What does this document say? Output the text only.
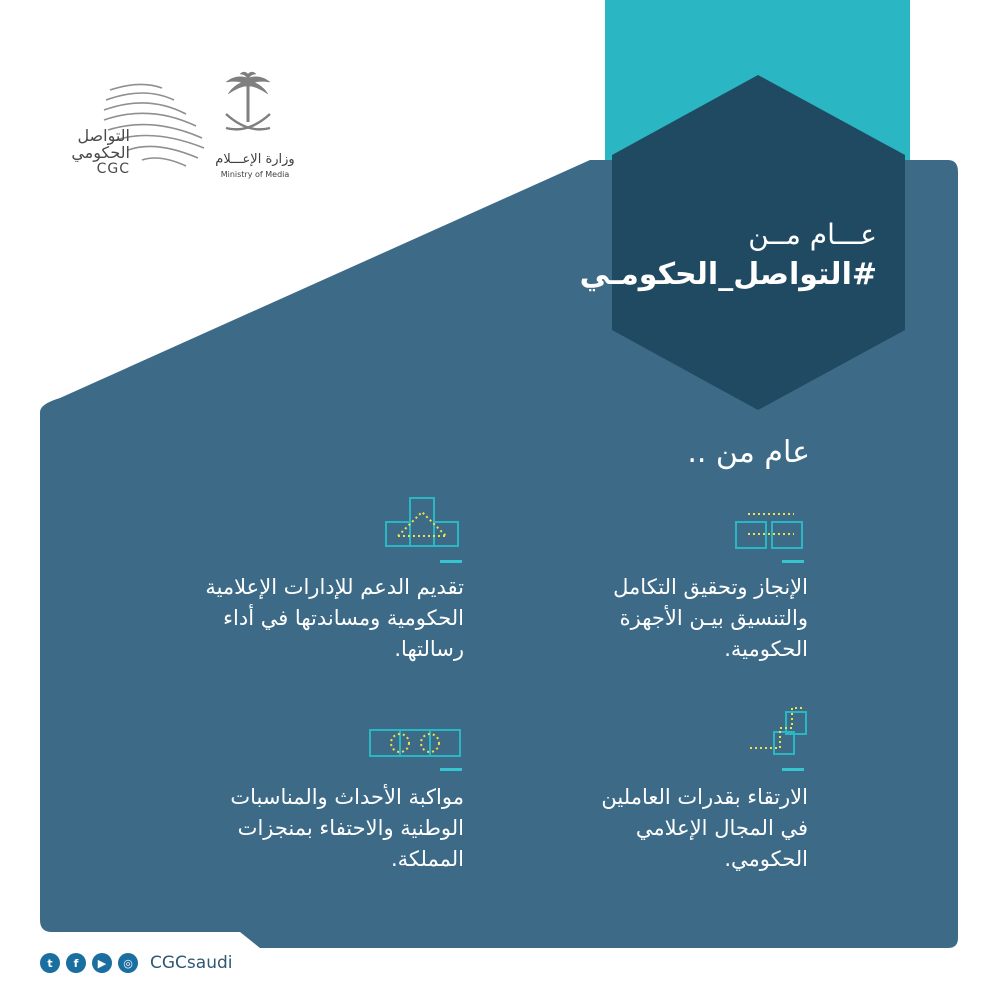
التواصل
الحكومي
CGC
وزارة الإعـــلام
Ministry of Media
عـــام مــن
#التواصل_الحكومـي
عام من ..
الإنجاز وتحقيق التكامل
والتنسيق بيـن الأجهزة
الحكومية.
تقديم الدعم للإدارات الإعلامية
الحكومية ومساندتها في أداء
رسالتها.
الارتقاء بقدرات العاملين
في المجال الإعلامي
الحكومي.
مواكبة الأحداث والمناسبات
الوطنية والاحتفاء بمنجزات
المملكة.
t	f	▶	◎	CGCsaudi
